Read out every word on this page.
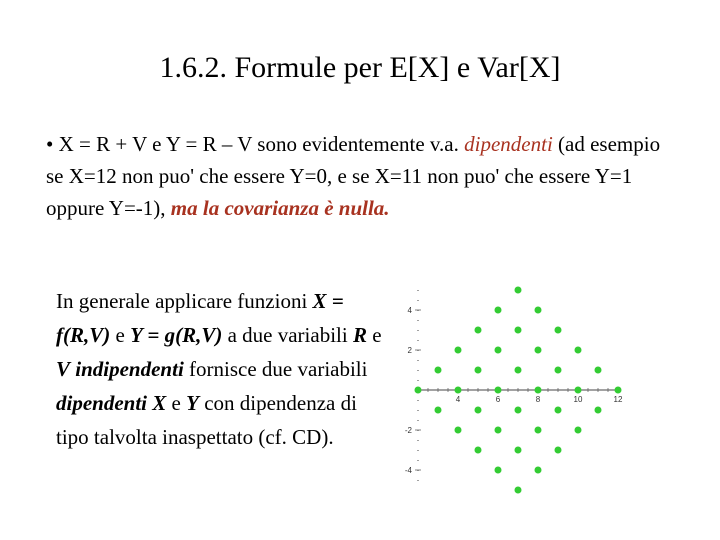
1.6.2. Formule per E[X] e Var[X]
• X = R + V e Y = R – V sono evidentemente v.a. dipendenti (ad esempio se X=12 non puo' che essere Y=0, e se X=11 non puo' che essere Y=1 oppure Y=-1), ma la covarianza è nulla.
In generale applicare funzioni X = f(R,V) e Y = g(R,V) a due variabili R e V indipendenti fornisce due variabili dipendenti X e Y con dipendenza di tipo talvolta inaspettato (cf. CD).
4	6	8	10	12
4
2
-2
-4
